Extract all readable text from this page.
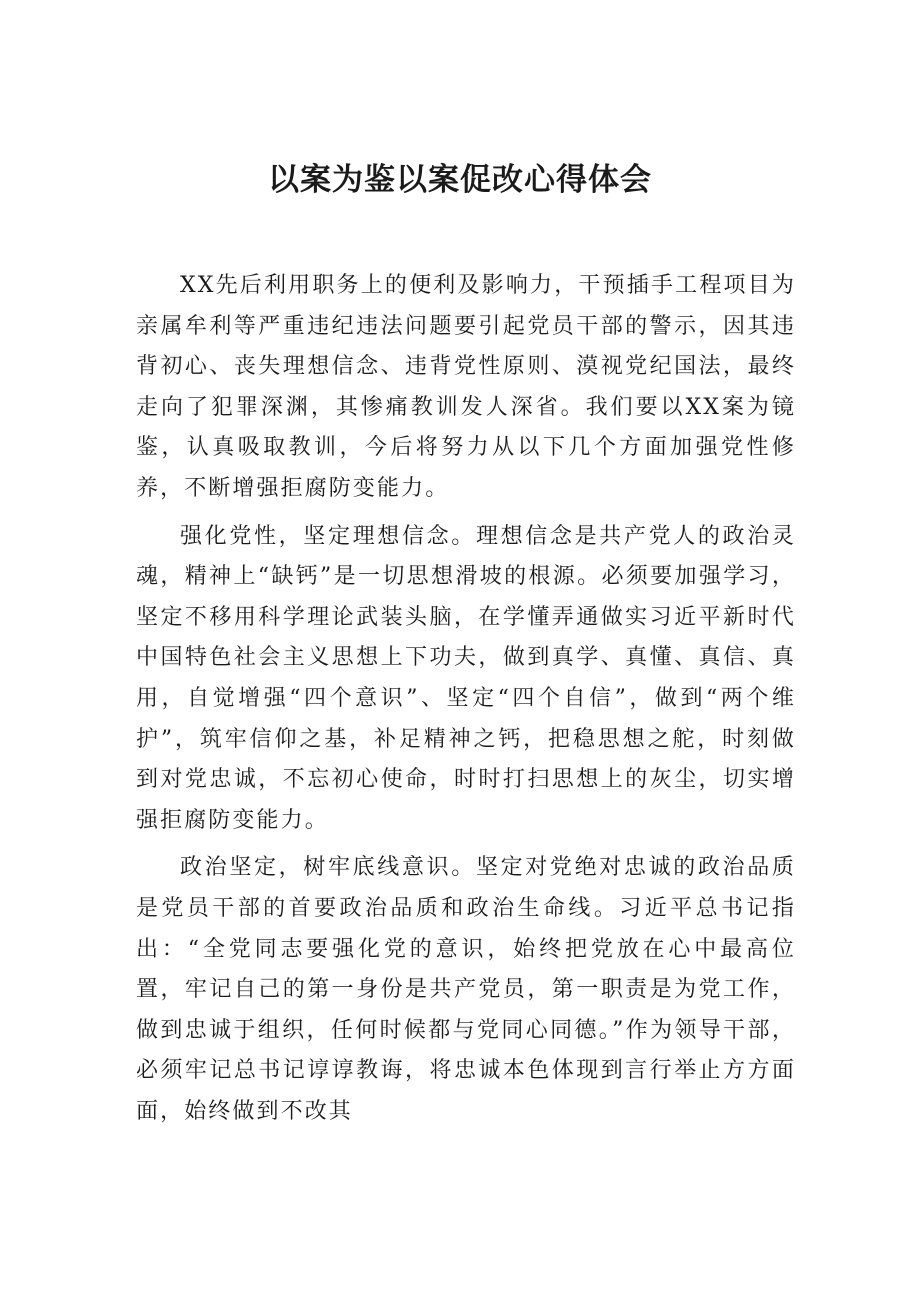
以案为鉴以案促改心得体会

XX先后利用职务上的便利及影响力，干预插手工程项目为亲属牟利等严重违纪违法问题要引起党员干部的警示，因其违背初心、丧失理想信念、违背党性原则、漠视党纪国法，最终走向了犯罪深渊，其惨痛教训发人深省。我们要以XX案为镜鉴，认真吸取教训，今后将努力从以下几个方面加强党性修养，不断增强拒腐防变能力。

强化党性，坚定理想信念。理想信念是共产党人的政治灵魂，精神上“缺钙”是一切思想滑坡的根源。必须要加强学习，坚定不移用科学理论武装头脑，在学懂弄通做实习近平新时代中国特色社会主义思想上下功夫，做到真学、真懂、真信、真用，自觉增强“四个意识”、坚定“四个自信”，做到“两个维护”，筑牢信仰之基，补足精神之钙，把稳思想之舵，时刻做到对党忠诚，不忘初心使命，时时打扫思想上的灰尘，切实增强拒腐防变能力。

政治坚定，树牢底线意识。坚定对党绝对忠诚的政治品质是党员干部的首要政治品质和政治生命线。习近平总书记指出：“全党同志要强化党的意识，始终把党放在心中最高位置，牢记自己的第一身份是共产党员，第一职责是为党工作，做到忠诚于组织，任何时候都与党同心同德。”作为领导干部，必须牢记总书记谆谆教诲，将忠诚本色体现到言行举止方方面面，始终做到不改其
